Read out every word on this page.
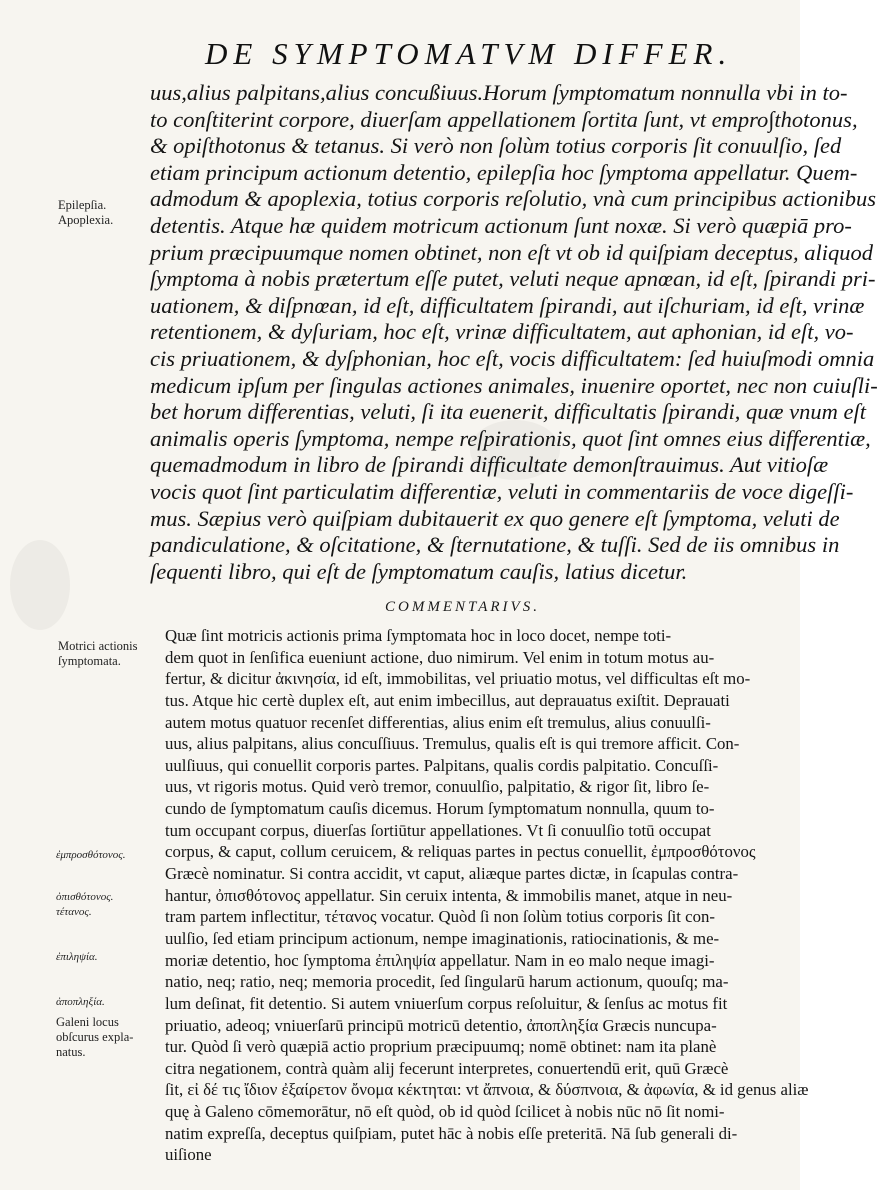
DE SYMPTOMATVM DIFFER.
uus,alius palpitans,alius concußiuus.Horum ſymptomatum nonnulla vbi in to-
to conſtiterint corpore, diuerſam appellationem ſortita ſunt, vt empro∫thotonus,
& opiſthotonus & tetanus. Si verò non ſolùm totius corporis ſit conuulſio, ſed
etiam principum actionum detentio, epilepſia hoc ſymptoma appellatur. Quem-
admodum & apoplexia, totius corporis reſolutio, vnà cum principibus actionibus
detentis. Atque hæ quidem motricum actionum ſunt noxæ. Si verò quæpiā pro-
prium præcipuumque nomen obtinet, non eſt vt ob id quiſpiam deceptus, aliquod
ſymptoma à nobis prætertum eſſe putet, veluti neque apnœan, id eſt, ſpirandi pri-
uationem, & diſpnœan, id eſt, difficultatem ſpirandi, aut iſchuriam, id eſt, vrinæ
retentionem, & dyſuriam, hoc eſt, vrinæ difficultatem, aut aphonian, id eſt, vo-
cis priuationem, & dyſphonian, hoc eſt, vocis difficultatem: ſed huiuſmodi omnia
medicum ipſum per ſingulas actiones animales, inuenire oportet, nec non cuiuſli-
bet horum differentias, veluti, ſi ita euenerit, difficultatis ſpirandi, quæ vnum eſt
animalis operis ſymptoma, nempe reſpirationis, quot ſint omnes eius differentiæ,
quemadmodum in libro de ſpirandi difficultate demonſtrauimus. Aut vitioſæ
vocis quot ſint particulatim differentiæ, veluti in commentariis de voce digeſſi-
mus. Sæpius verò quiſpiam dubitauerit ex quo genere eſt ſymptoma, veluti de
pandiculatione, & oſcitatione, & ſternutatione, & tuſſi. Sed de iis omnibus in
ſequenti libro, qui eſt de ſymptomatum cauſis, latius dicetur.
COMMENTARIVS.
Quæ ſint motricis actionis prima ſymptomata hoc in loco docet, nempe toti-
dem quot in ſenſifica eueniunt actione, duo nimirum. Vel enim in totum motus au-
fertur, & dicitur ἀκινησία, id eſt, immobilitas, vel priuatio motus, vel difficultas eſt mo-
tus. Atque hic certè duplex eſt, aut enim imbecillus, aut deprauatus exiſtit. Deprauati
autem motus quatuor recenſet differentias, alius enim eſt tremulus, alius conuulſi-
uus, alius palpitans, alius concuſſiuus. Tremulus, qualis eſt is qui tremore afficit. Con-
uulſiuus, qui conuellit corporis partes. Palpitans, qualis cordis palpitatio. Concuſſi-
uus, vt rigoris motus. Quid verò tremor, conuulſio, palpitatio, & rigor ſit, libro ſe-
cundo de ſymptomatum cauſis dicemus. Horum ſymptomatum nonnulla, quum to-
tum occupant corpus, diuerſas ſortiūtur appellationes. Vt ſi conuulſio totū occupat
corpus, & caput, collum ceruicem, & reliquas partes in pectus conuellit, ἐμπροσθότονος
Græcè nominatur. Si contra accidit, vt caput, aliæque partes dictæ, in ſcapulas contra-
hantur, ὀπισθότονος appellatur. Sin ceruix intenta, & immobilis manet, atque in neu-
tram partem inflectitur, τέτανος vocatur. Quòd ſi non ſolùm totius corporis ſit con-
uulſio, ſed etiam principum actionum, nempe imaginationis, ratiocinationis, & me-
moriæ detentio, hoc ſymptoma ἐπιληψία appellatur. Nam in eo malo neque imagi-
natio, neq; ratio, neq; memoria procedit, ſed ſingularū harum actionum, quouſq; ma-
lum deſinat, fit detentio. Si autem vniuerſum corpus reſoluitur, & ſenſus ac motus fit
priuatio, adeoq; vniuerſarū principū motricū detentio, ἀποπληξία Græcis nuncupa-
tur. Quòd ſi verò quæpiā actio proprium præcipuumq; nomē obtinet: nam ita planè
citra negationem, contrà quàm alij fecerunt interpretes, conuertendū erit, quū Græcè
ſit, εἰ δέ τις ἴδιον ἐξαίρετον ὄνομα κέκτηται: vt ἄπνοια, & δύσπνοια, & ἀφωνία, & id genus aliæ
quę à Galeno cōmemorātur, nō eſt quòd, ob id quòd ſcilicet à nobis nūc nō ſit nomi-
natim expreſſa, deceptus quiſpiam, putet hāc à nobis eſſe preteritā. Nā ſub generali di-
uiſione
Epilepſia.
Apoplexia.
Motrici actionis
ſymptomata.
ἐμπροσθότονος.
ὀπισθότονος.
τέτανος.
ἐπιληψία.
ἀποπληξία.
Galeni locus
obſcurus expla-
natus.
